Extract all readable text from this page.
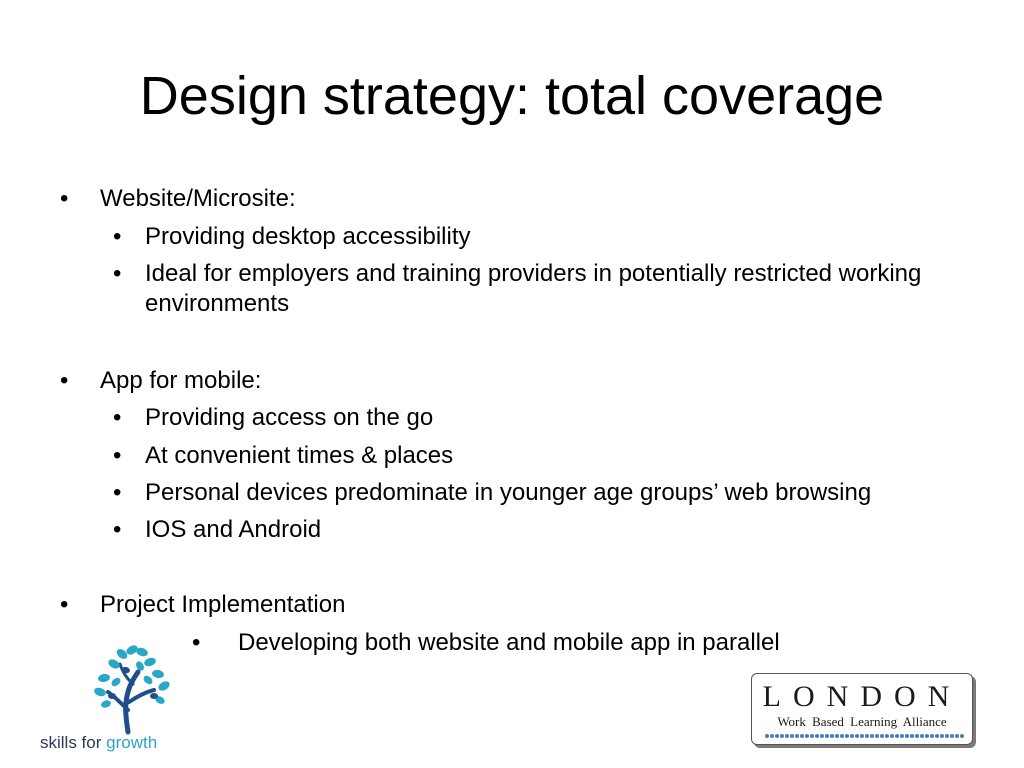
Design strategy: total coverage
• Website/Microsite:
• Providing desktop accessibility
• Ideal for employers and training providers in potentially restricted working environments
• App for mobile:
• Providing access on the go
• At convenient times & places
• Personal devices predominate in younger age groups’ web browsing
• IOS and Android
• Project Implementation
• Developing both website and mobile app in parallel
skills for growth
LONDON
Work Based Learning Alliance
